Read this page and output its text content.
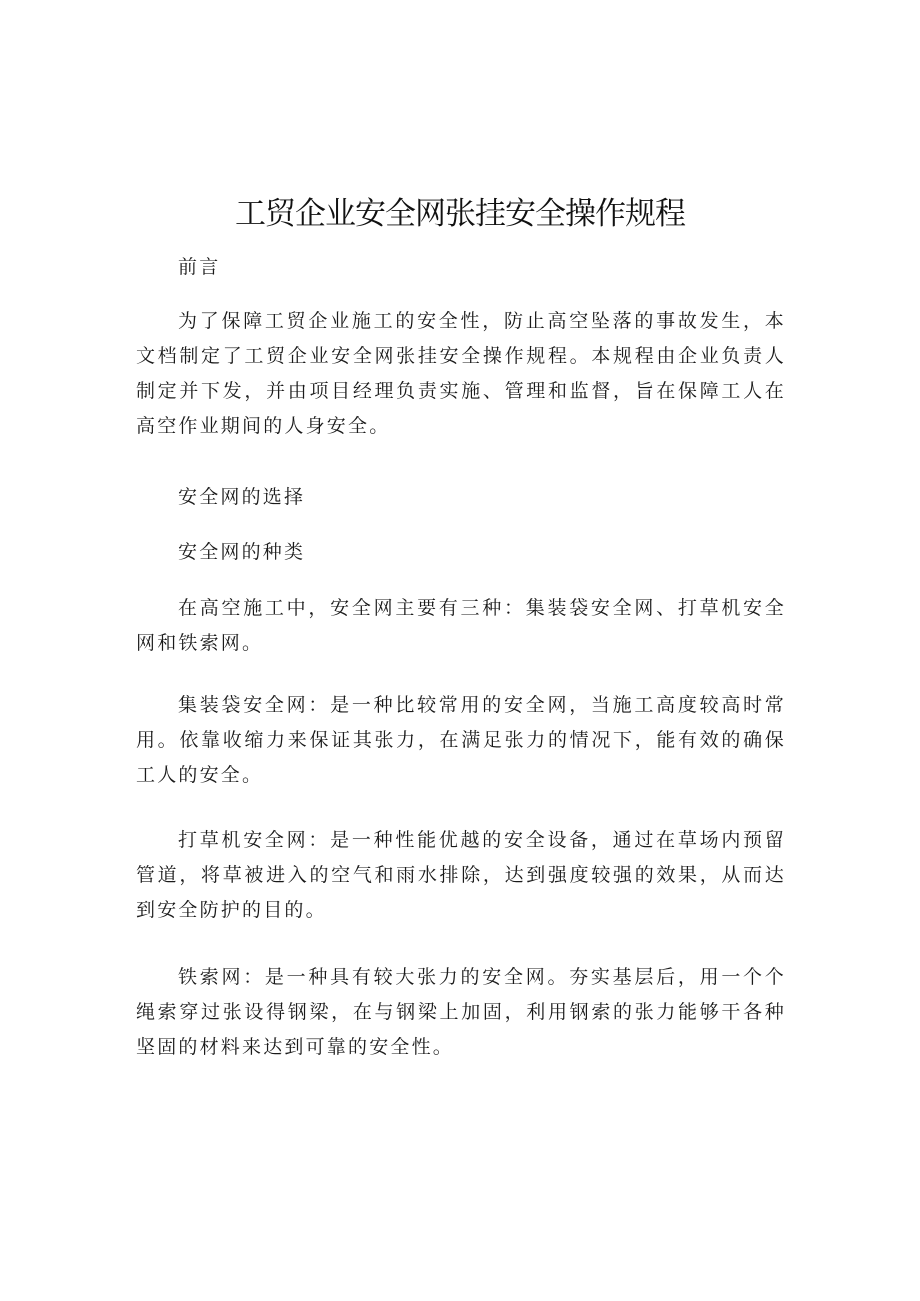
工贸企业安全网张挂安全操作规程

前言

为了保障工贸企业施工的安全性，防止高空坠落的事故发生，本文档制定了工贸企业安全网张挂安全操作规程。本规程由企业负责人制定并下发，并由项目经理负责实施、管理和监督，旨在保障工人在高空作业期间的人身安全。

安全网的选择

安全网的种类

在高空施工中，安全网主要有三种：集装袋安全网、打草机安全网和铁索网。

集装袋安全网：是一种比较常用的安全网，当施工高度较高时常用。依靠收缩力来保证其张力，在满足张力的情况下，能有效的确保工人的安全。

打草机安全网：是一种性能优越的安全设备，通过在草场内预留管道，将草被进入的空气和雨水排除，达到强度较强的效果，从而达到安全防护的目的。

铁索网：是一种具有较大张力的安全网。夯实基层后，用一个个绳索穿过张设得钢梁，在与钢梁上加固，利用钢索的张力能够干各种坚固的材料来达到可靠的安全性。
